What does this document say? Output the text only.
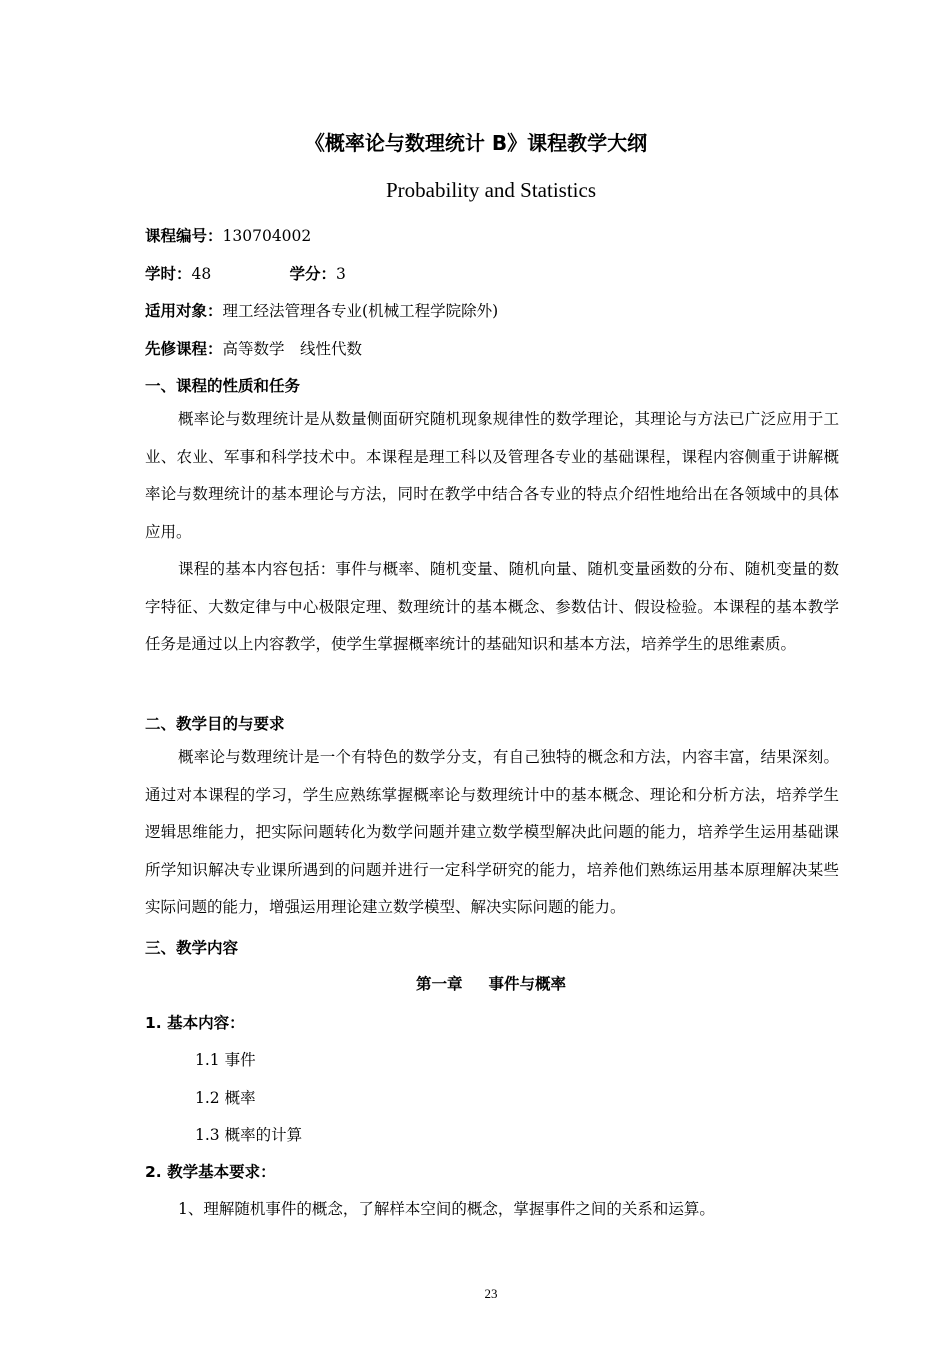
《概率论与数理统计 B》课程教学大纲
Probability and Statistics
课程编号：130704002
学时：48	学分：3
适用对象：理工经法管理各专业(机械工程学院除外)
先修课程：高等数学　线性代数
一、课程的性质和任务
概率论与数理统计是从数量侧面研究随机现象规律性的数学理论，其理论与方法已广泛应用于工业、农业、军事和科学技术中。本课程是理工科以及管理各专业的基础课程，课程内容侧重于讲解概率论与数理统计的基本理论与方法，同时在教学中结合各专业的特点介绍性地给出在各领域中的具体应用。
课程的基本内容包括：事件与概率、随机变量、随机向量、随机变量函数的分布、随机变量的数字特征、大数定律与中心极限定理、数理统计的基本概念、参数估计、假设检验。本课程的基本教学任务是通过以上内容教学，使学生掌握概率统计的基础知识和基本方法，培养学生的思维素质。
二、教学目的与要求
概率论与数理统计是一个有特色的数学分支，有自己独特的概念和方法，内容丰富，结果深刻。通过对本课程的学习，学生应熟练掌握概率论与数理统计中的基本概念、理论和分析方法，培养学生逻辑思维能力，把实际问题转化为数学问题并建立数学模型解决此问题的能力，培养学生运用基础课所学知识解决专业课所遇到的问题并进行一定科学研究的能力，培养他们熟练运用基本原理解决某些实际问题的能力，增强运用理论建立数学模型、解决实际问题的能力。
三、教学内容
第一章 事件与概率
1. 基本内容：
1.1 事件
1.2 概率
1.3 概率的计算
2. 教学基本要求：
1、理解随机事件的概念，了解样本空间的概念，掌握事件之间的关系和运算。
23
